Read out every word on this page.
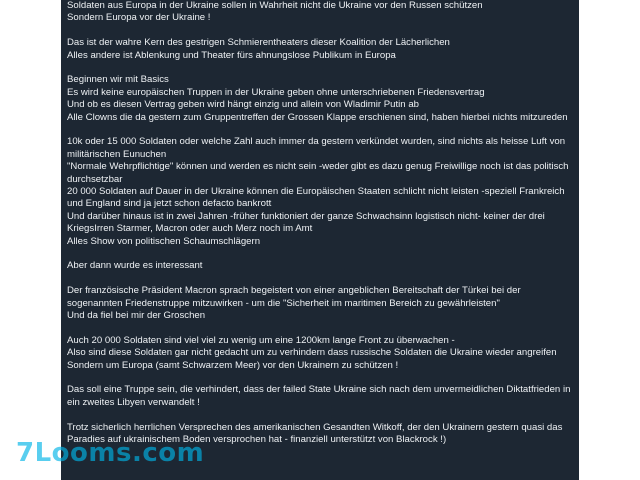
Soldaten aus Europa in der Ukraine sollen in Wahrheit nicht die Ukraine vor den Russen schützen
Sondern Europa vor der Ukraine !
Das ist der wahre Kern des gestrigen Schmierentheaters dieser Koalition der Lächerlichen
Alles andere ist Ablenkung und Theater fürs ahnungslose Publikum in Europa
Beginnen wir mit Basics
Es wird keine europäischen Truppen in der Ukraine geben ohne unterschriebenen Friedensvertrag
Und ob es diesen Vertrag geben wird hängt einzig und allein von Wladimir Putin ab
Alle Clowns die da gestern zum Gruppentreffen der Grossen Klappe erschienen sind, haben hierbei nichts mitzureden
10k oder 15 000 Soldaten oder welche Zahl auch immer da gestern verkündet wurden, sind nichts als heisse Luft von militärischen Eunuchen
"Normale Wehrpflichtige" können und werden es nicht sein -weder gibt es dazu genug Freiwillige noch ist das politisch durchsetzbar
20 000 Soldaten auf Dauer in der Ukraine können die Europäischen Staaten schlicht nicht leisten -speziell Frankreich und England sind ja jetzt schon defacto bankrott
Und darüber hinaus ist in zwei Jahren -früher funktioniert der ganze Schwachsinn logistisch nicht- keiner der drei KriegsIrren Starmer, Macron oder auch Merz noch im Amt
Alles Show von politischen Schaumschlägern
Aber dann wurde es interessant
Der französische Präsident Macron sprach begeistert von einer angeblichen Bereitschaft der Türkei bei der sogenannten Friedenstruppe mitzuwirken - um die "Sicherheit im maritimen Bereich zu gewährleisten"
Und da fiel bei mir der Groschen
Auch 20 000 Soldaten sind viel viel zu wenig um eine 1200km lange Front zu überwachen -
Also sind diese Soldaten gar nicht gedacht um zu verhindern dass russische Soldaten die Ukraine wieder angreifen
Sondern um Europa (samt Schwarzem Meer) vor den Ukrainern zu schützen !
Das soll eine Truppe sein, die verhindert, dass der failed State Ukraine sich nach dem unvermeidlichen Diktatfrieden in ein zweites Libyen verwandelt !
Trotz sicherlich herrlichen Versprechen des amerikanischen Gesandten Witkoff, der den Ukrainern gestern quasi das Paradies auf ukrainischem Boden versprochen hat - finanziell unterstützt von Blackrock !)
7Looms.com
